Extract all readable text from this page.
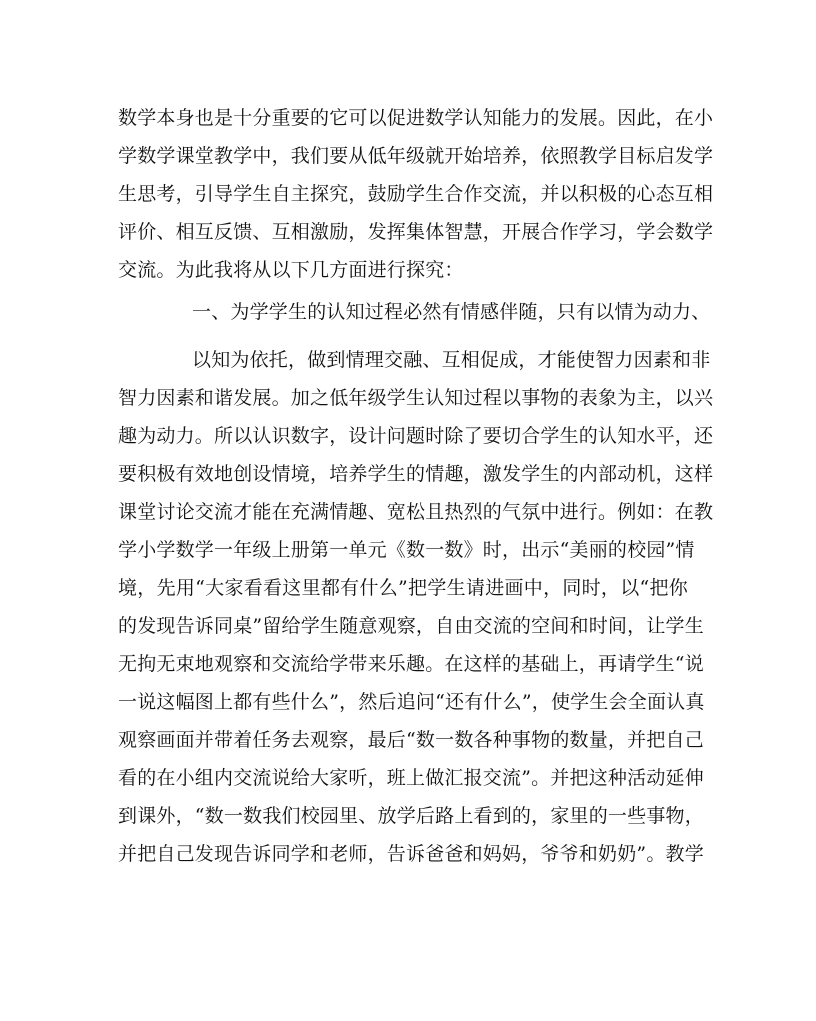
数学本身也是十分重要的它可以促进数学认知能力的发展。因此，在小
学数学课堂教学中，我们要从低年级就开始培养，依照教学目标启发学
生思考，引导学生自主探究，鼓励学生合作交流，并以积极的心态互相
评价、相互反馈、互相激励，发挥集体智慧，开展合作学习，学会数学
交流。为此我将从以下几方面进行探究：
一、为学学生的认知过程必然有情感伴随，只有以情为动力、
以知为依托，做到情理交融、互相促成，才能使智力因素和非
智力因素和谐发展。加之低年级学生认知过程以事物的表象为主，以兴
趣为动力。所以认识数字，设计问题时除了要切合学生的认知水平，还
要积极有效地创设情境，培养学生的情趣，激发学生的内部动机，这样
课堂讨论交流才能在充满情趣、宽松且热烈的气氛中进行。例如：在教
学小学数学一年级上册第一单元《数一数》时，出示“美丽的校园”情
境，先用“大家看看这里都有什么”把学生请进画中，同时，以“把你
的发现告诉同桌”留给学生随意观察，自由交流的空间和时间，让学生
无拘无束地观察和交流给学带来乐趣。在这样的基础上，再请学生“说
一说这幅图上都有些什么”，然后追问“还有什么”，使学生会全面认真
观察画面并带着任务去观察，最后“数一数各种事物的数量，并把自己
看的在小组内交流说给大家听，班上做汇报交流”。并把这种活动延伸
到课外，“数一数我们校园里、放学后路上看到的，家里的一些事物，
并把自己发现告诉同学和老师，告诉爸爸和妈妈，爷爷和奶奶”。教学
